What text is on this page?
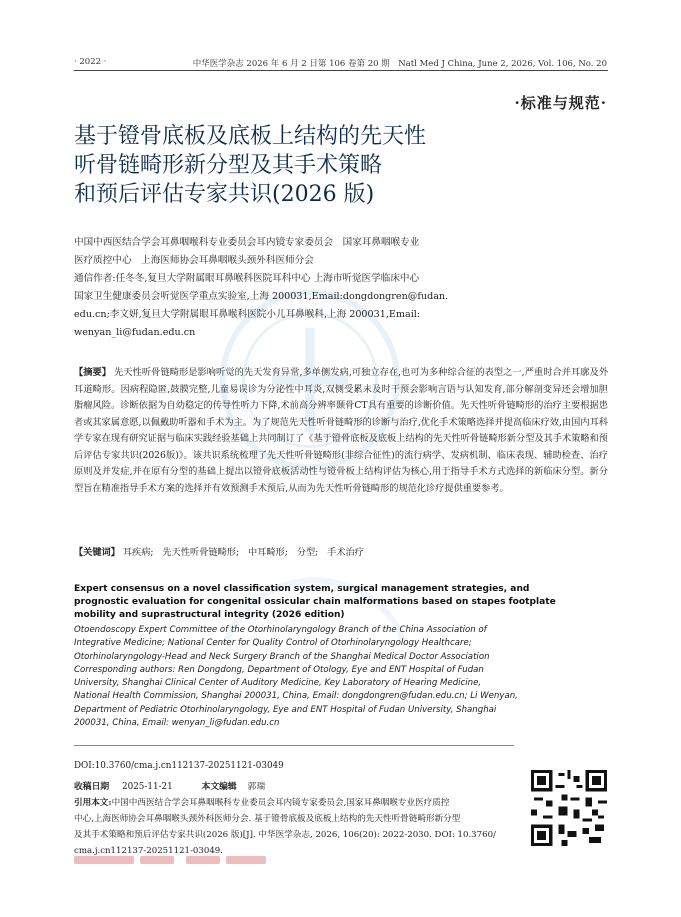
· 2022 ·	中华医学杂志 2026 年 6 月 2 日第 106 卷第 20 期　Natl Med J China, June 2, 2026, Vol. 106, No. 20
·标准与规范·
基于镫骨底板及底板上结构的先天性
听骨链畸形新分型及其手术策略
和预后评估专家共识(2026 版)
中国中西医结合学会耳鼻咽喉科专业委员会耳内镜专家委员会　国家耳鼻咽喉专业
医疗质控中心　上海医师协会耳鼻咽喉头颈外科医师分会
通信作者:任冬冬,复旦大学附属眼耳鼻喉科医院耳科中心 上海市听觉医学临床中心
国家卫生健康委员会听觉医学重点实验室,上海 200031,Email:dongdongren@fudan.
edu.cn;李文妍,复旦大学附属眼耳鼻喉科医院小儿耳鼻喉科,上海 200031,Email:
wenyan_li@fudan.edu.cn
【摘要】 先天性听骨链畸形是影响听觉的先天发育异常,多单侧发病,可独立存在,也可为多种综合征的表型之一,严重时合并耳廓及外耳道畸形。因病程隐匿,鼓膜完整,儿童易误诊为分泌性中耳炎,双侧受累未及时干预会影响言语与认知发育,部分解剖变异还会增加胆脂瘤风险。诊断依据为自幼稳定的传导性听力下降,术前高分辨率颞骨CT具有重要的诊断价值。先天性听骨链畸形的治疗主要根据患者或其家属意愿,以佩戴助听器和手术为主。为了规范先天性听骨链畸形的诊断与治疗,优化手术策略选择并提高临床疗效,由国内耳科学专家在现有研究证据与临床实践经验基础上共同制订了《基于镫骨底板及底板上结构的先天性听骨链畸形新分型及其手术策略和预后评估专家共识(2026版)》。该共识系统梳理了先天性听骨链畸形(非综合征性)的流行病学、发病机制、临床表现、辅助检查、治疗原则及并发症,并在原有分型的基础上提出以镫骨底板活动性与镫骨板上结构评估为核心,用于指导手术方式选择的新临床分型。新分型旨在精准指导手术方案的选择并有效预测手术预后,从而为先天性听骨链畸形的规范化诊疗提供重要参考。
【关键词】 耳疾病; 先天性听骨链畸形; 中耳畸形; 分型; 手术治疗
Expert consensus on a novel classification system, surgical management strategies, and
prognostic evaluation for congenital ossicular chain malformations based on stapes footplate
mobility and suprastructural integrity (2026 edition)
Otoendoscopy Expert Committee of the Otorhinolaryngology Branch of the China Association of
Integrative Medicine; National Center for Quality Control of Otorhinolaryngology Healthcare;
Otorhinolaryngology-Head and Neck Surgery Branch of the Shanghai Medical Doctor Association
Corresponding authors: Ren Dongdong, Department of Otology, Eye and ENT Hospital of Fudan
University, Shanghai Clinical Center of Auditory Medicine, Key Laboratory of Hearing Medicine,
National Health Commission, Shanghai 200031, China, Email: dongdongren@fudan.edu.cn; Li Wenyan,
Department of Pediatric Otorhinolaryngology, Eye and ENT Hospital of Fudan University, Shanghai
200031, China, Email: wenyan_li@fudan.edu.cn
DOI:10.3760/cma.j.cn112137-20251121-03049
收稿日期 2025-11-21	本文编辑 郭瑞
引用本文:中国中西医结合学会耳鼻咽喉科专业委员会耳内镜专家委员会,国家耳鼻咽喉专业医疗质控
中心,上海医师协会耳鼻咽喉头颈外科医师分会. 基于镫骨底板及底板上结构的先天性听骨链畸形新分型
及其手术策略和预后评估专家共识(2026 版)[J]. 中华医学杂志, 2026, 106(20): 2022-2030. DOI: 10.3760/
cma.j.cn112137-20251121-03049.
